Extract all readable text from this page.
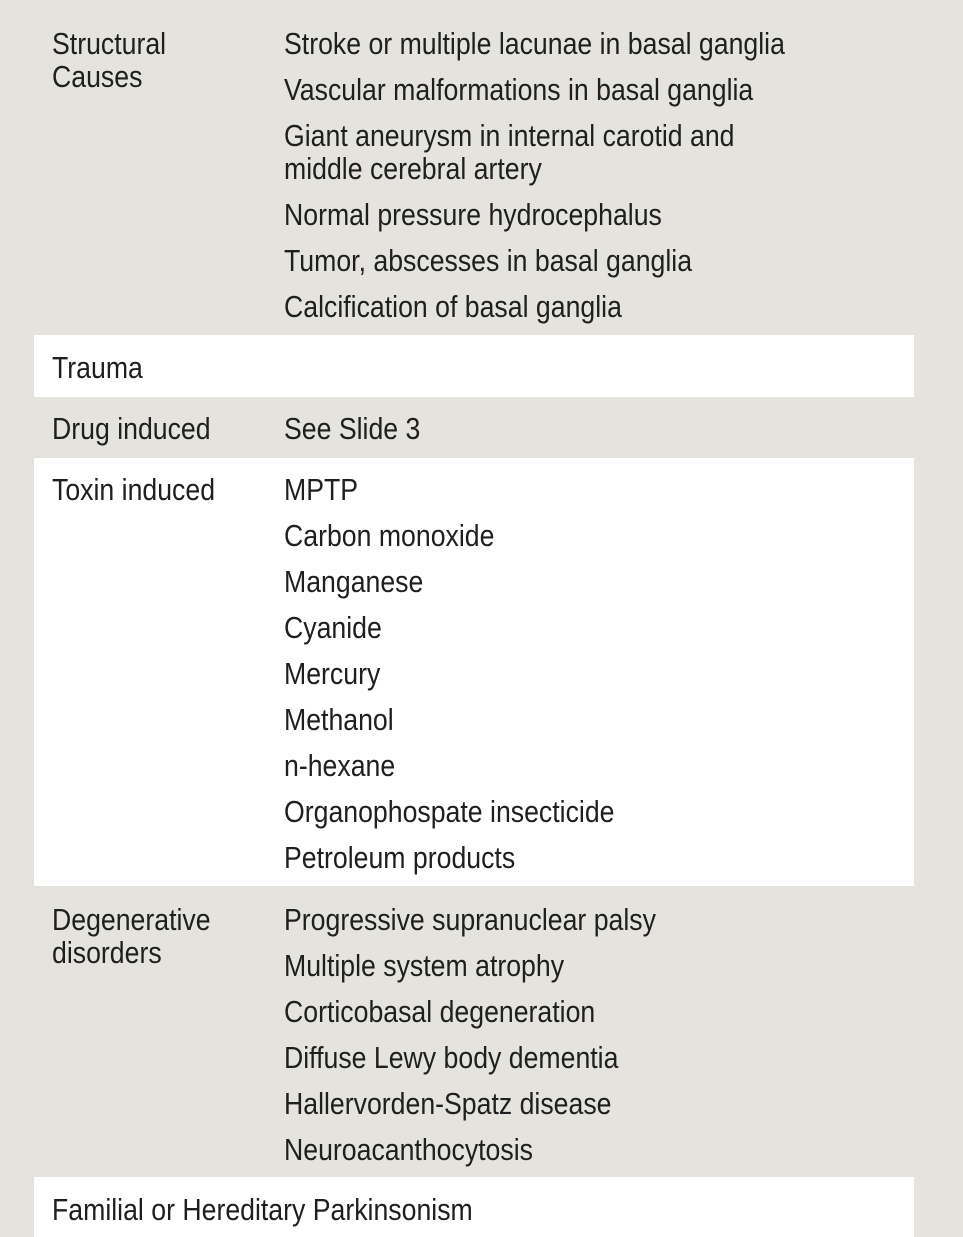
Structural
Causes
Stroke or multiple lacunae in basal ganglia
Vascular malformations in basal ganglia
Giant aneurysm in internal carotid and
middle cerebral artery
Normal pressure hydrocephalus
Tumor, abscesses in basal ganglia
Calcification of basal ganglia
Trauma
Drug induced	See Slide 3
Toxin induced	MPTP
Carbon monoxide
Manganese
Cyanide
Mercury
Methanol
n-hexane
Organophospate insecticide
Petroleum products
Degenerative
disorders
Progressive supranuclear palsy
Multiple system atrophy
Corticobasal degeneration
Diffuse Lewy body dementia
Hallervorden-Spatz disease
Neuroacanthocytosis
Familial or Hereditary Parkinsonism
